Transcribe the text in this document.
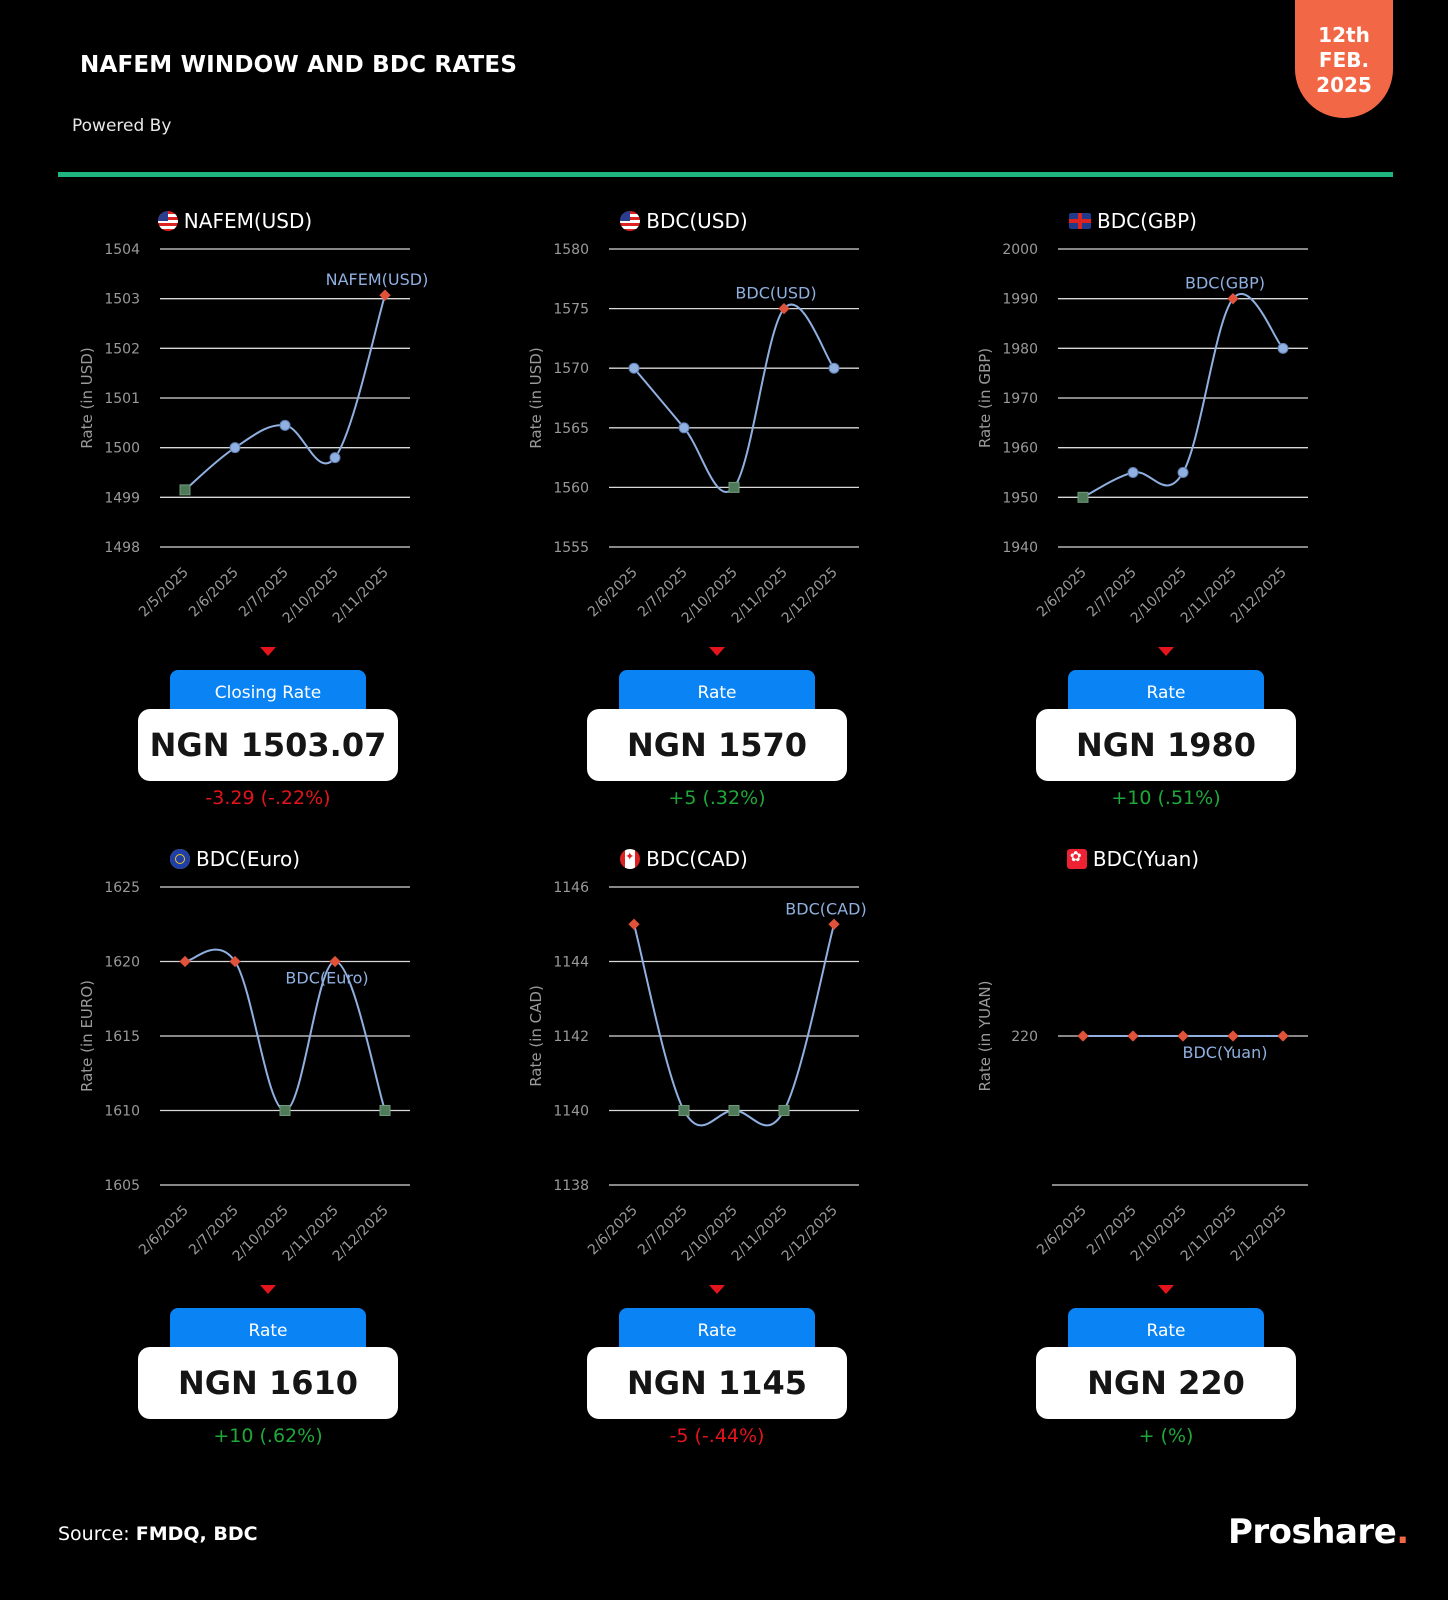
NAFEM WINDOW AND BDC RATES
Powered By
12th
FEB.
2025
NAFEM(USD)
Rate (in USD)
1498
1499
1500
1501
1502
1503
1504
2/5/2025
2/6/2025
2/7/2025
2/10/2025
2/11/2025
NAFEM(USD)
Closing Rate
NGN 1503.07
-3.29 (-.22%)
BDC(USD)
Rate (in USD)
1555
1560
1565
1570
1575
1580
2/6/2025
2/7/2025
2/10/2025
2/11/2025
2/12/2025
BDC(USD)
Rate
NGN 1570
+5 (.32%)
BDC(GBP)
Rate (in GBP)
1940
1950
1960
1970
1980
1990
2000
2/6/2025
2/7/2025
2/10/2025
2/11/2025
2/12/2025
BDC(GBP)
Rate
NGN 1980
+10 (.51%)
BDC(Euro)
Rate (in EURO)
1605
1610
1615
1620
1625
2/6/2025
2/7/2025
2/10/2025
2/11/2025
2/12/2025
BDC(Euro)
Rate
NGN 1610
+10 (.62%)
✦
BDC(CAD)
Rate (in CAD)
1138
1140
1142
1144
1146
2/6/2025
2/7/2025
2/10/2025
2/11/2025
2/12/2025
BDC(CAD)
Rate
NGN 1145
-5 (-.44%)
✿
BDC(Yuan)
Rate (in YUAN) 220
2/6/2025
2/7/2025
2/10/2025
2/11/2025
2/12/2025
BDC(Yuan)
Rate
NGN 220
+ (%)
Source: FMDQ, BDC	Proshare.
